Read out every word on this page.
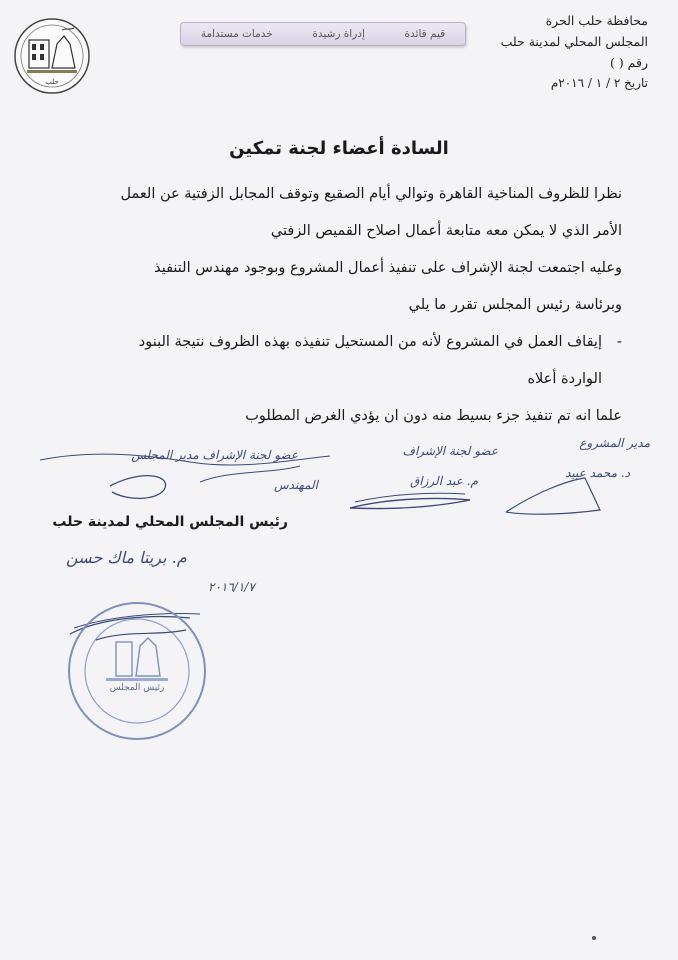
محافظة حلب الحرة
المجلس المحلي لمدينة حلب
رقم ( )
تاريخ ٢ / ١ / ٢٠١٦م
قيم قائدة
إدراة رشيدة
خدمات مستدامة
حلب
السادة أعضاء لجنة تمكين

نظرا للظروف المناخية القاهرة وتوالي أيام الصقيع وتوقف المجابل الزفتية عن العمل

الأمر الذي لا يمكن معه متابعة أعمال اصلاح القميص الزفتي

وعليه اجتمعت لجنة الإشراف على تنفيذ أعمال المشروع وبوجود مهندس التنفيذ

وبرئاسة رئيس المجلس تقرر ما يلي

-
إيقاف العمل في المشروع لأنه من المستحيل تنفيذه بهذه الظروف نتيجة البنود

الواردة أعلاه

علما انه تم تنفيذ جزء بسيط منه دون ان يؤدي الغرض المطلوب

مدير المشروع
عضو لجنة الإشراف
عضو لجنة الإشراف مدير المجلس
د. محمد عبيد
م. عبد الرزاق
المهندس
رئيس المجلس المحلي لمدينة حلب
م. بريتا ماك حسن
٢٠١٦/١/٧
رئيس المجلس
